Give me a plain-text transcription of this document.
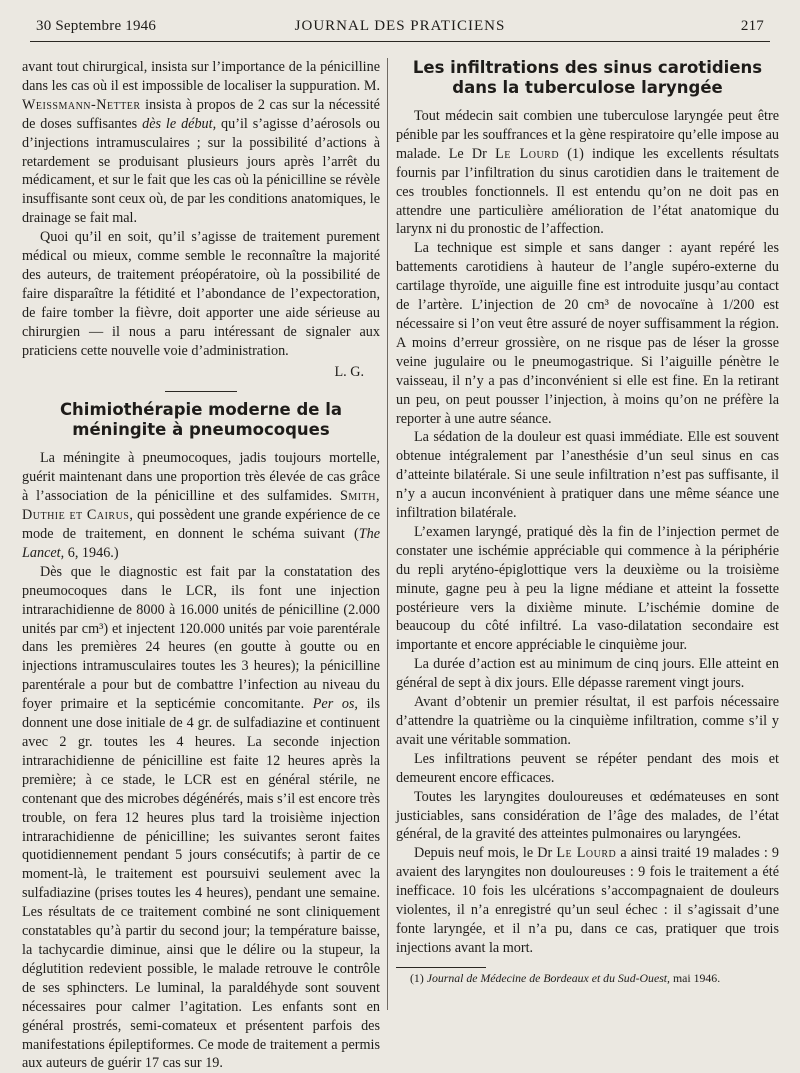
30 Septembre 1946	JOURNAL DES PRATICIENS	217

avant tout chirurgical, insista sur l’importance de la pénicilline dans les cas où il est impossible de localiser la suppuration. M. Weissmann-Netter insista à propos de 2 cas sur la nécessité de doses suffisantes dès le début, qu’il s’agisse d’aérosols ou d’injections intramusculaires ; sur la possibilité d’actions à retardement se produisant plusieurs jours après l’arrêt du médicament, et sur le fait que les cas où la pénicilline se révèle insuffisante sont ceux où, de par les conditions anatomiques, le drainage se fait mal.

Quoi qu’il en soit, qu’il s’agisse de traitement purement médical ou mieux, comme semble le reconnaître la majorité des auteurs, de traitement préopératoire, où la possibilité de faire disparaître la fétidité et l’abondance de l’expectoration, de faire tomber la fièvre, doit apporter une aide sérieuse au chirurgien — il nous a paru intéressant de signaler aux praticiens cette nouvelle voie d’administration.

L. G.

Chimiothérapie moderne de la méningite à pneumocoques

La méningite à pneumocoques, jadis toujours mortelle, guérit maintenant dans une proportion très élevée de cas grâce à l’association de la pénicilline et des sulfamides. Smith, Duthie et Cairus, qui possèdent une grande expérience de ce mode de traitement, en donnent le schéma suivant (The Lancet, 6, 1946.)

Dès que le diagnostic est fait par la constatation des pneumocoques dans le LCR, ils font une injection intrarachidienne de 8000 à 16.000 unités de pénicilline (2.000 unités par cm³) et injectent 120.000 unités par voie parentérale dans les premières 24 heures (en goutte à goutte ou en injections intramusculaires toutes les 3 heures); la pénicilline parentérale a pour but de combattre l’infection au niveau du foyer primaire et la septicémie concomitante. Per os, ils donnent une dose initiale de 4 gr. de sulfadiazine et continuent avec 2 gr. toutes les 4 heures. La seconde injection intrarachidienne de pénicilline est faite 12 heures après la première; à ce stade, le LCR est en général stérile, ne contenant que des microbes dégénérés, mais s’il est encore très trouble, on fera 12 heures plus tard la troisième injection intrarachidienne de pénicilline; les suivantes seront faites quotidiennement pendant 5 jours consécutifs; à partir de ce moment-là, le traitement est poursuivi seulement avec la sulfadiazine (prises toutes les 4 heures), pendant une semaine. Les résultats de ce traitement combiné ne sont cliniquement constatables qu’à partir du second jour; la température baisse, la tachycardie diminue, ainsi que le délire ou la stupeur, la déglutition redevient possible, le malade retrouve le contrôle de ses sphincters. Le luminal, la paraldéhyde sont souvent nécessaires pour calmer l’agitation. Les enfants sont en général prostrés, semi-comateux et présentent parfois des manifestations épileptiformes. Ce mode de traitement a permis aux auteurs de guérir 17 cas sur 19.

Les infiltrations des sinus carotidiens dans la tuberculose laryngée

Tout médecin sait combien une tuberculose laryngée peut être pénible par les souffrances et la gène respiratoire qu’elle impose au malade. Le Dr Le Lourd (1) indique les excellents résultats fournis par l’infiltration du sinus carotidien dans le traitement de ces troubles fonctionnels. Il est entendu qu’on ne doit pas en attendre une particulière amélioration de l’état anatomique du larynx ni du pronostic de l’affection.

La technique est simple et sans danger : ayant repéré les battements carotidiens à hauteur de l’angle supéro-externe du cartilage thyroïde, une aiguille fine est introduite jusqu’au contact de l’artère. L’injection de 20 cm³ de novocaïne à 1/200 est nécessaire si l’on veut être assuré de noyer suffisamment la région. A moins d’erreur grossière, on ne risque pas de léser la grosse veine jugulaire ou le pneumogastrique. Si l’aiguille pénètre le vaisseau, il n’y a pas d’inconvénient si elle est fine. En la retirant un peu, on peut pousser l’injection, à moins qu’on ne préfère la reporter à une autre séance.

La sédation de la douleur est quasi immédiate. Elle est souvent obtenue intégralement par l’anesthésie d’un seul sinus en cas d’atteinte bilatérale. Si une seule infiltration n’est pas suffisante, il n’y a aucun inconvénient à pratiquer dans une même séance une infiltration bilatérale.

L’examen laryngé, pratiqué dès la fin de l’injection permet de constater une ischémie appréciable qui commence à la périphérie du repli aryténo-épiglottique vers la deuxième ou la troisième minute, gagne peu à peu la ligne médiane et atteint la fossette postérieure vers la dixième minute. L’ischémie domine de beaucoup du côté infiltré. La vaso-dilatation secondaire est importante et encore appréciable le cinquième jour.

La durée d’action est au minimum de cinq jours. Elle atteint en général de sept à dix jours. Elle dépasse rarement vingt jours.

Avant d’obtenir un premier résultat, il est parfois nécessaire d’attendre la quatrième ou la cinquième infiltration, comme s’il y avait une véritable sommation.

Les infiltrations peuvent se répéter pendant des mois et demeurent encore efficaces.

Toutes les laryngites douloureuses et œdémateuses en sont justiciables, sans considération de l’âge des malades, de l’état général, de la gravité des atteintes pulmonaires ou laryngées.

Depuis neuf mois, le Dr Le Lourd a ainsi traité 19 malades : 9 avaient des laryngites non douloureuses : 9 fois le traitement a été inefficace. 10 fois les ulcérations s’accompagnaient de douleurs violentes, il n’a enregistré qu’un seul échec : il s’agissait d’une fonte laryngée, et il n’a pu, dans ce cas, pratiquer que trois injections avant la mort.

(1) Journal de Médecine de Bordeaux et du Sud-Ouest, mai 1946.
